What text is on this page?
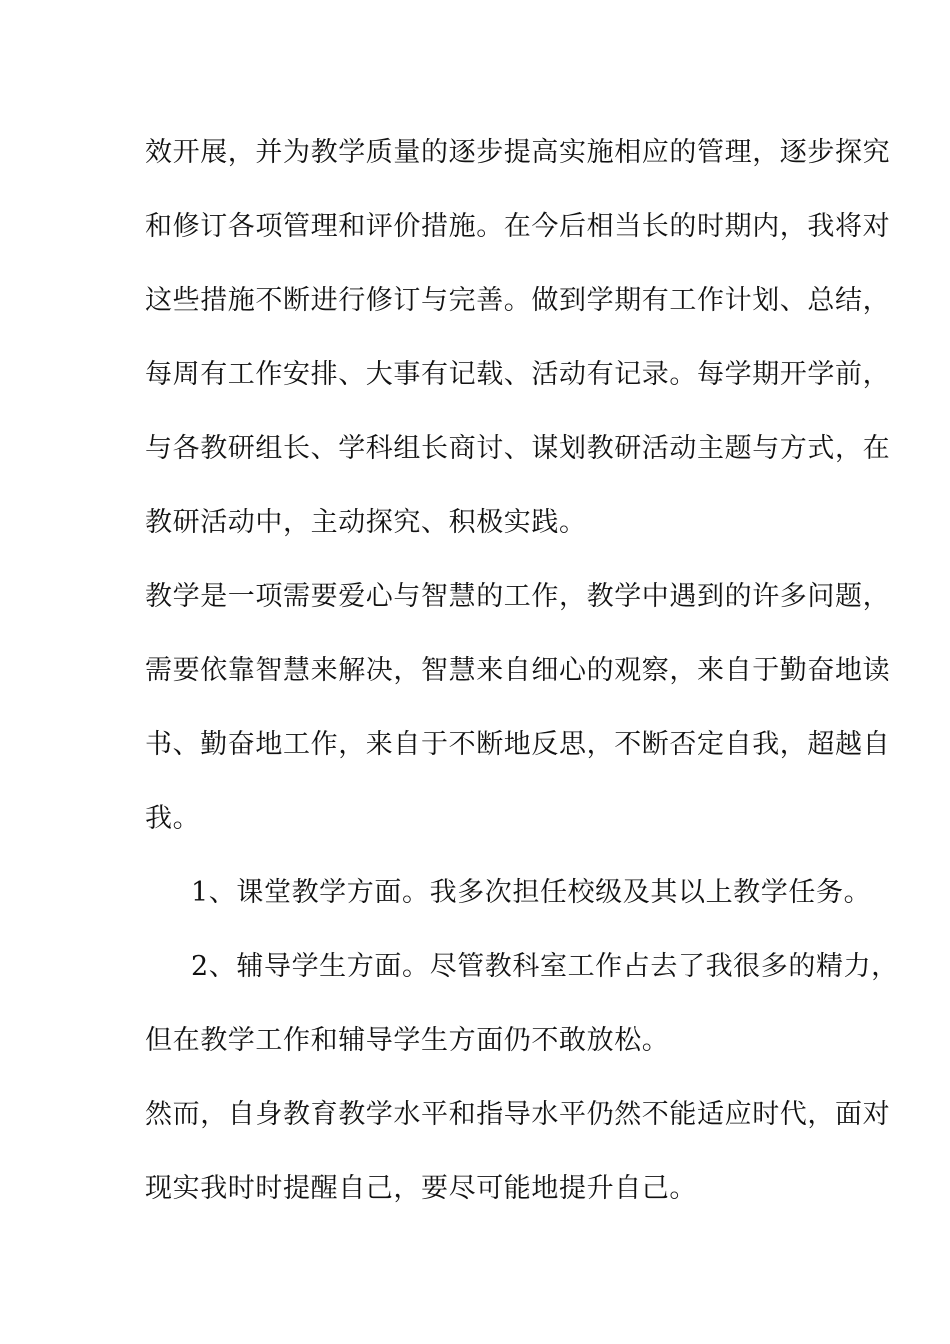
效开展，并为教学质量的逐步提高实施相应的管理，逐步探究
和修订各项管理和评价措施。在今后相当长的时期内，我将对
这些措施不断进行修订与完善。做到学期有工作计划、总结，
每周有工作安排、大事有记载、活动有记录。每学期开学前，
与各教研组长、学科组长商讨、谋划教研活动主题与方式，在
教研活动中，主动探究、积极实践。
教学是一项需要爱心与智慧的工作，教学中遇到的许多问题，
需要依靠智慧来解决，智慧来自细心的观察，来自于勤奋地读
书、勤奋地工作，来自于不断地反思，不断否定自我，超越自
我。
1、课堂教学方面。我多次担任校级及其以上教学任务。
2、辅导学生方面。尽管教科室工作占去了我很多的精力，
但在教学工作和辅导学生方面仍不敢放松。
然而，自身教育教学水平和指导水平仍然不能适应时代，面对
现实我时时提醒自己，要尽可能地提升自己。
